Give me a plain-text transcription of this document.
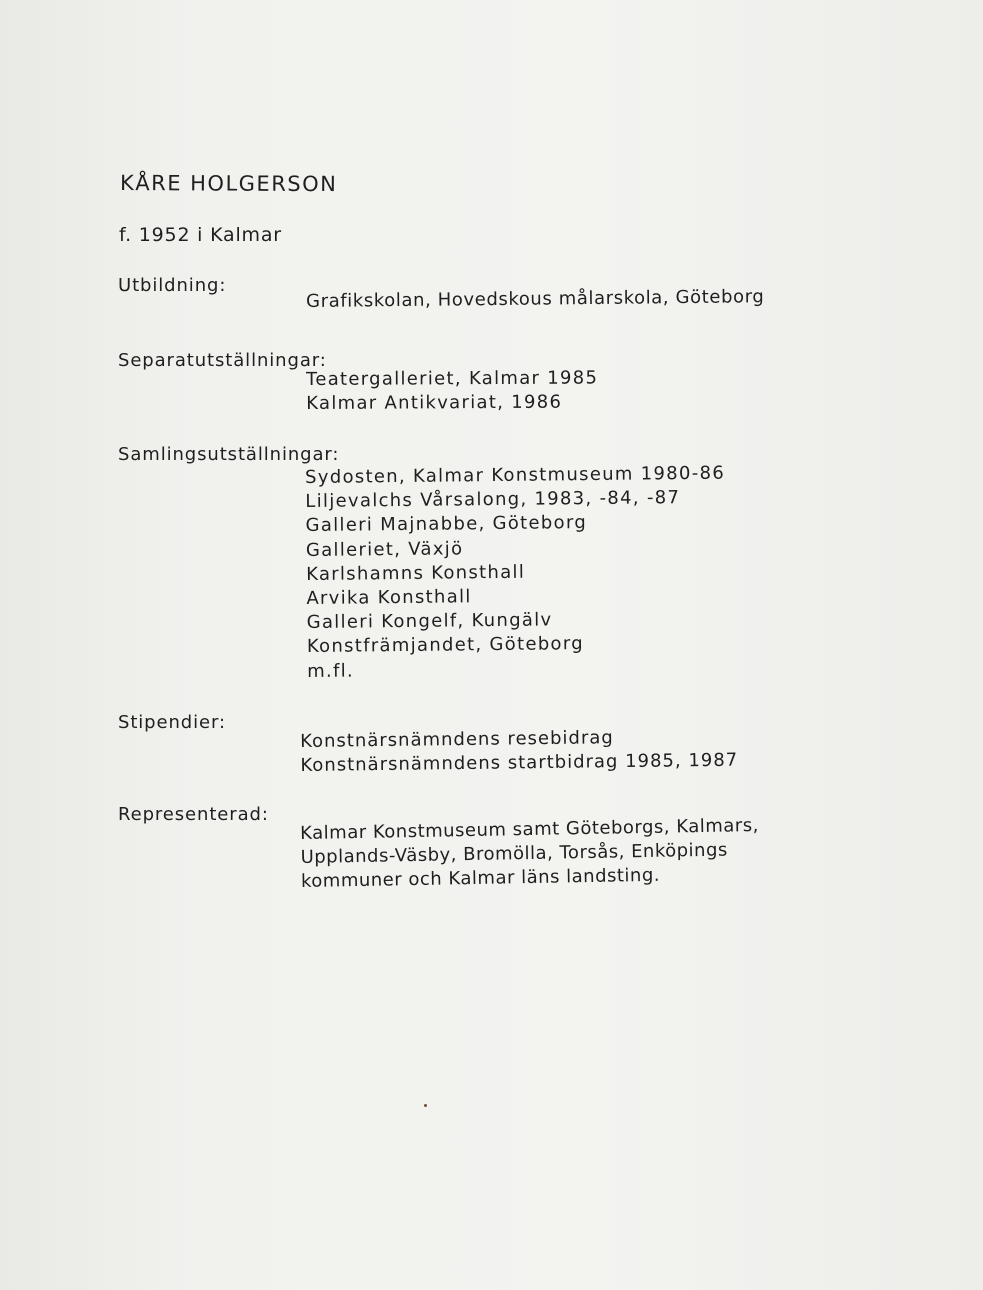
KÅRE HOLGERSON
f. 1952 i Kalmar
Utbildning:
Grafikskolan, Hovedskous målarskola, Göteborg
Separatutställningar:
Teatergalleriet, Kalmar 1985
Kalmar Antikvariat, 1986
Samlingsutställningar:
Sydosten, Kalmar Konstmuseum 1980-86
Liljevalchs Vårsalong, 1983, -84, -87
Galleri Majnabbe, Göteborg
Galleriet, Växjö
Karlshamns Konsthall
Arvika Konsthall
Galleri Kongelf, Kungälv
Konstfrämjandet, Göteborg
m.fl.
Stipendier:
Konstnärsnämndens resebidrag
Konstnärsnämndens startbidrag 1985, 1987
Representerad:
Kalmar Konstmuseum samt Göteborgs, Kalmars,
Upplands-Väsby, Bromölla, Torsås, Enköpings
kommuner och Kalmar läns landsting.
